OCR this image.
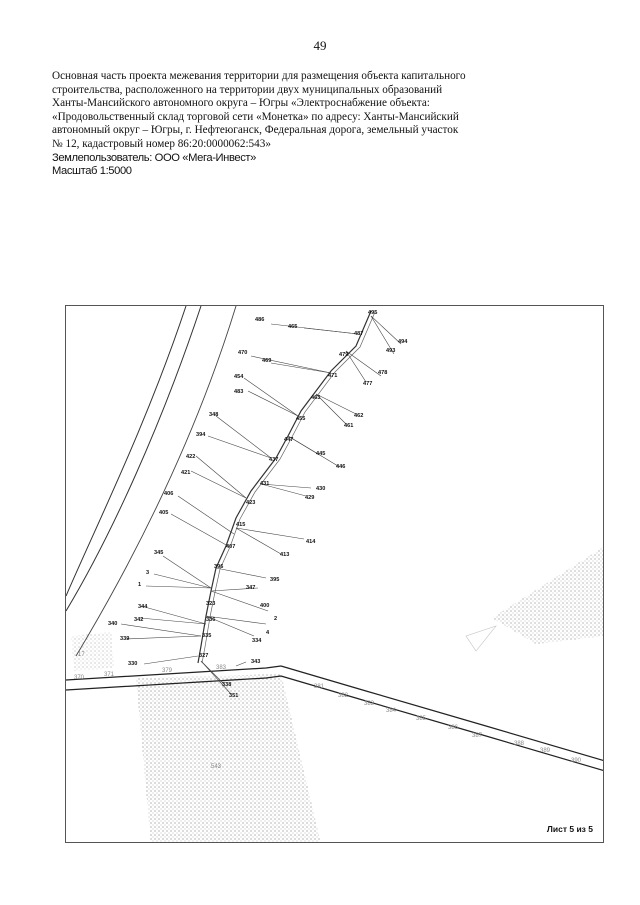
49
Основная часть проекта межевания территории для размещения объекта капитального
строительства, расположенного на территории двух муниципальных образований
Ханты-Мансийского автономного округа – Югры «Электроснабжение объекта:
«Продовольственный склад торговой сети «Монетка» по адресу: Ханты-Мансийский
автономный округ – Югры, г. Нефтеюганск, Федеральная дорога, земельный участок
№ 12, кадастровый номер 86:20:0000062:543»
Землепользователь: ООО «Мега-Инвест»
Масштаб 1:5000
495
486
465
487
494
493
470
469
479
478
477
471
454
483
463
462
461
455
348
394
447
445
446
437
422
421
431
430
429
406
423
405
415
414
407
413
345
396
395
3
1	347
323	400
2
344
342	336
4
340
339	335
334
327
330	343
338
351
370	371
379	383
381
382
383
384
385
386
387
388
389
390
543
17
Лист 5 из 5
